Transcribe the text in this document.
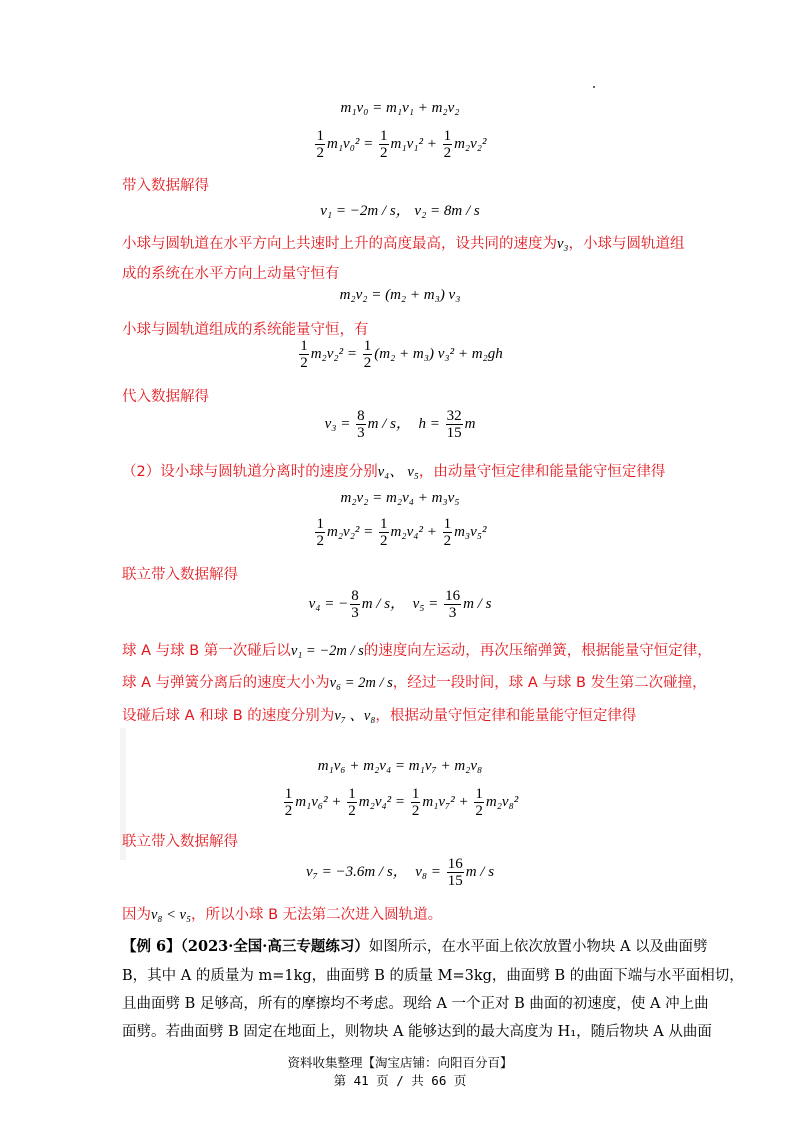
m₁v₀ = m₁v₁ + m₂v₂
$\frac{1}{2} m_1v_0^2 = \frac{1}{2} m_1v_1^2 + \frac{1}{2} m_2v_2^2$
带入数据解得
v₁ = −2m / s， v₂ = 8m / s
小球与圆轨道在水平方向上共速时上升的高度最高，设共同的速度为v₃，小球与圆轨道组
成的系统在水平方向上动量守恒有
m₂v₂ = (m₂ + m₃) v₃
小球与圆轨道组成的系统能量守恒，有
$\frac{1}{2} m_2v_2^2 = \frac{1}{2} (m_2 + m_3) v_3^2 + m_2gh$
代入数据解得
$v_3 = \frac{8}{3}$ m / s， $h = \frac{32}{15}$ m
（2）设小球与圆轨道分离时的速度分别v₄、 v₅，由动量守恒定律和能量能守恒定律得
m₂v₂ = m₂v₄ + m₃v₅
$\frac{1}{2} m_2v_2^2 = \frac{1}{2} m_2v_4^2 + \frac{1}{2} m_3v_5^2$
联立带入数据解得
v₄ = − $\frac{8}{3}$ m / s， $v_5 = \frac{16}{3}$ m / s
球 A 与球 B 第一次碰后以v₁ = −2m / s的速度向左运动，再次压缩弹簧，根据能量守恒定律，
球 A 与弹簧分离后的速度大小为v₆ = 2m / s，经过一段时间，球 A 与球 B 发生第二次碰撞，
设碰后球 A 和球 B 的速度分别为v₇ 、v₈，根据动量守恒定律和能量能守恒定律得
m₁v₆ + m₂v₄ = m₁v₇ + m₂v₈
$\frac{1}{2} m_1v_6^2 + \frac{1}{2} m_2v_4^2 = \frac{1}{2} m_1v_7^2 + \frac{1}{2} m_2v_8^2$
联立带入数据解得
v₇ = −3.6m / s， $v_8 = \frac{16}{15}$ m / s
因为v₈ < v₅，所以小球 B 无法第二次进入圆轨道。
【例 6】（2023·全国·高三专题练习）如图所示，在水平面上依次放置小物块 A 以及曲面劈
B，其中 A 的质量为 m=1kg，曲面劈 B 的质量 M=3kg，曲面劈 B 的曲面下端与水平面相切，
且曲面劈 B 足够高，所有的摩擦均不考虑。现给 A 一个正对 B 曲面的初速度，使 A 冲上曲
面劈。若曲面劈 B 固定在地面上，则物块 A 能够达到的最大高度为 H₁，随后物块 A 从曲面
资料收集整理【淘宝店铺：向阳百分百】
第 41 页 / 共 66 页
